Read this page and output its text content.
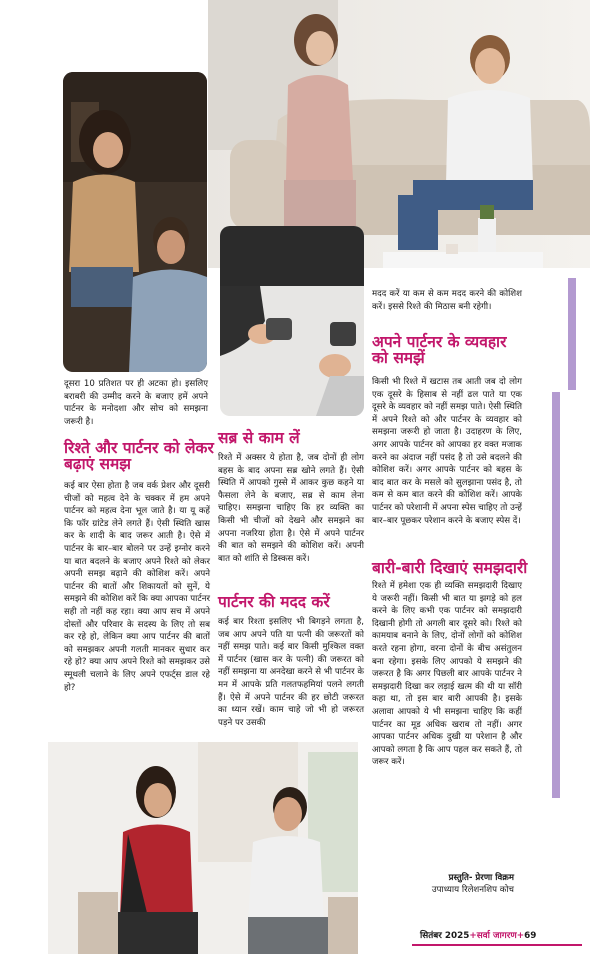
दूसरा 10 प्रतिशत पर ही अटका हो। इसलिए बराबरी की उम्मीद करने के बजाए हमें अपने पार्टनर के मनोदशा और सोच को समझना जरूरी है।

रिश्ते और पार्टनर को लेकर बढ़ाएं समझ

कई बार ऐसा होता है जब वर्क प्रेशर और दूसरी चीजों को महत्व देने के चक्कर में हम अपने पार्टनर को महत्व देना भूल जाते है। या यू कहें कि फॉर ग्रांटेड लेने लगते हैं। ऐसी स्थिति खास कर के शादी के बाद जरूर आती है। ऐसे में पार्टनर के बार–बार बोलने पर उन्हें इग्नोर करने या बात बदलने के बजाए अपने रिश्ते को लेकर अपनी समझ बढ़ाने की कोशिश करें। अपने पार्टनर की बातों और शिकायतों को सुनें, ये समझने की कोशिश करें कि क्या आपका पार्टनर सही तो नहीं कह रहा। क्या आप सच में अपने दोस्तों और परिवार के सदस्य के लिए तो सब कर रहे हो, लेकिन क्या आप पार्टनर की बातों को समझकर अपनी गलती मानकर सुधार कर रहे हो? क्या आप अपने रिश्ते को समझकर उसे स्मूथली चलाने के लिए अपने एफर्ट्स डाल रहे हो?

सब्र से काम लें

रिश्ते में अक्सर ये होता है, जब दोनों ही लोग बहस के बाद अपना सब्र खोने लगते हैं। ऐसी स्थिति में आपको गुस्से में आकर कुछ कहने या फैसला लेने के बजाए, सब्र से काम लेना चाहिए। समझना चाहिए कि हर व्यक्ति का किसी भी चीजों को देखने और समझने का अपना नजरिया होता है। ऐसे में अपने पार्टनर की बात को समझने की कोशिश करें। अपनी बात को शांति से डिस्कस करें।

पार्टनर की मदद करें

कई बार रिश्ता इसलिए भी बिगड़ने लगता है, जब आप अपने पति या पत्नी की जरूरतों को नहीं समझ पाते। कई बार किसी मुश्किल वक्त में पार्टनर (खास कर के पत्नी) की जरूरत को नहीं समझना या अनदेखा करने से भी पार्टनर के मन में आपके प्रति गलतफहमियां पलने लगती हैं। ऐसे में अपने पार्टनर की हर छोटी जरूरत का ध्यान रखें। काम चाहे जो भी हो जरूरत पड़ने पर उसकी

मदद करें या कम से कम मदद करने की कोशिश करें। इससे रिश्ते की मिठास बनी रहेगी।

अपने पार्टनर के व्यवहार को समझें

किसी भी रिश्ते में खटास तब आती जब दो लोग एक दूसरे के हिसाब से नहीं ढल पाते या एक दूसरे के व्यवहार को नहीं समझ पाते। ऐसी स्थिति में अपने रिश्ते को और पार्टनर के व्यवहार को समझना जरूरी हो जाता है। उदाहरण के लिए, अगर आपके पार्टनर को आपका हर वक्त मजाक करने का अंदाज नहीं पसंद है तो उसे बदलने की कोशिश करें। अगर आपके पार्टनर को बहस के बाद बात कर के मसले को सुलझाना पसंद है, तो कम से कम बात करने की कोशिश करें। आपके पार्टनर को परेशानी में अपना स्पेस चाहिए तो उन्हें बार–बार पूछकर परेशान करने के बजाए स्पेस दें।

बारी-बारी दिखाएं समझदारी

रिश्ते में हमेशा एक ही व्यक्ति समझदारी दिखाए ये जरूरी नहीं। किसी भी बात या झगड़े को हल करने के लिए कभी एक पार्टनर को समझदारी दिखानी होगी तो अगली बार दूसरे को। रिश्ते को कामयाब बनाने के लिए, दोनों लोगों को कोशिश करते रहना होगा, वरना दोनों के बीच असंतुलन बना रहेगा। इसके लिए आपको ये समझने की जरूरत है कि अगर पिछली बार आपके पार्टनर ने समझदारी दिखा कर लड़ाई खत्म की थी या सॉरी कहा था, तो इस बार बारी आपकी है। इसके अलावा आपको ये भी समझना चाहिए कि कहीं पार्टनर का मूड अधिक खराब तो नहीं। अगर आपका पार्टनर अधिक दुखी या परेशान है और आपको लगता है कि आप पहल कर सकते हैं, तो जरूर करें।

प्रस्तुति- प्रेरणा विक्रम
उपाध्याय रिलेशनशिप कोच
सितंबर 2025+सर्वा जागरण+69
